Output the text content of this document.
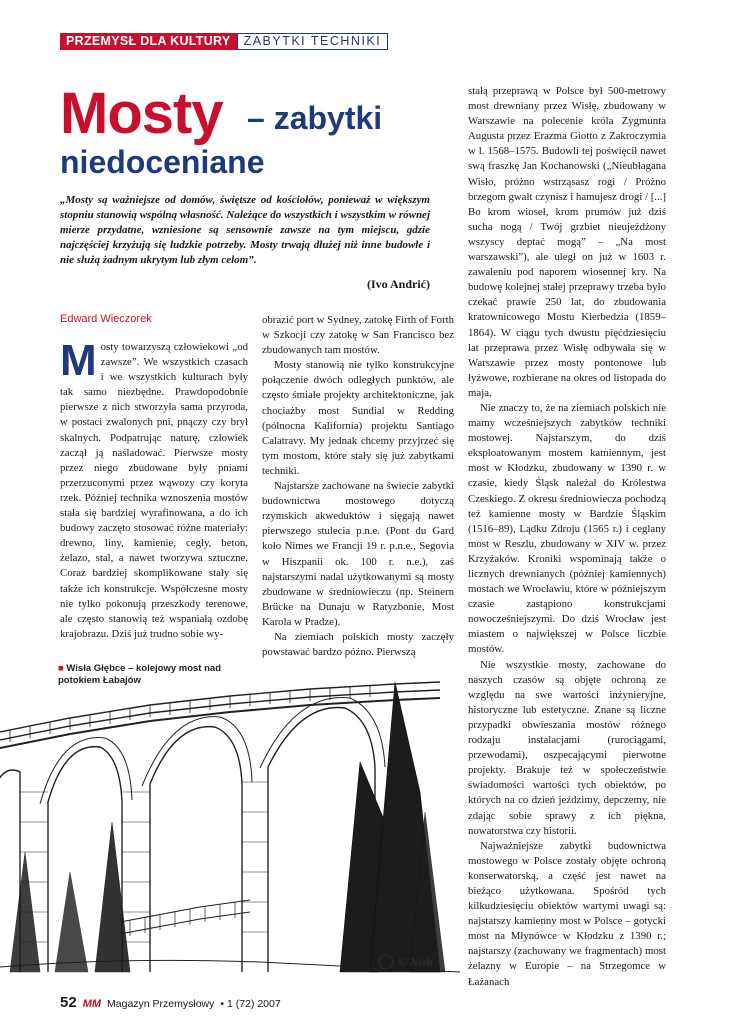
PRZEMYSŁ DLA KULTURY	ZABYTKI TECHNIKI
Mosty – zabytki
niedoceniane
„Mosty są ważniejsze od domów, świętsze od kościołów, ponieważ w większym stopniu stanowią wspólną własność. Należące do wszystkich i wszystkim w równej mierze przydatne, wzniesione są sensownie zawsze na tym miejscu, gdzie najczęściej krzyżują się ludzkie potrzeby. Mosty trwają dłużej niż inne budowle i nie służą żadnym ukrytym lub złym celom”.
(Ivo Andrić)
Edward Wieczorek
M osty towarzyszą człowiekowi „od zawsze”. We wszystkich czasach i we wszystkich kulturach były tak samo niezbędne. Prawdopodobnie pierwsze z nich stworzyła sama przyroda, w postaci zwalonych pni, pnączy czy brył skalnych. Podpatrując naturę, człowiek zaczął ją naśladować. Pierwsze mosty przez niego zbudowane były pniami przerzuconymi przez wąwozy czy koryta rzek. Później technika wznoszenia mostów stała się bardziej wyrafinowana, a do ich budowy zaczęto stosować różne materiały: drewno, liny, kamienie, cegły, beton, żelazo, stal, a nawet tworzywa sztuczne. Coraz bardziej skomplikowane stały się także ich konstrukcje. Współczesne mosty nie tylko pokonują przeszkody terenowe, ale często stanowią też wspaniałą ozdobę krajobrazu. Dziś już trudno sobie wy-

obrazić port w Sydney, zatokę Firth of Forth w Szkocji czy zatokę w San Francisco bez zbudowanych tam mostów.

Mosty stanowią nie tylko konstrukcyjne połączenie dwóch odległych punktów, ale często śmiałe projekty architektoniczne, jak chociażby most Sundial w Redding (północna Kalifornia) projektu Santiago Calatravy. My jednak chcemy przyjrzeć się tym mostom, które stały się już zabytkami techniki.

Najstarsze zachowane na świecie zabytki budownictwa mostowego dotyczą rzymskich akweduktów i sięgają nawet pierwszego stulecia p.n.e. (Pont du Gard koło Nimes we Francji 19 r. p.n.e., Segovia w Hiszpanii ok. 100 r. n.e.), zaś najstarszymi nadal użytkowanymi są mosty zbudowane w średniowieczu (np. Steinern Brücke na Dunaju w Ratyzbonie, Most Karola w Pradze).

Na ziemiach polskich mosty zaczęły powstawać bardzo późno. Pierwszą

stałą przeprawą w Polsce był 500-metrowy most drewniany przez Wisłę, zbudowany w Warszawie na polecenie króla Zygmunta Augusta przez Erazma Giotto z Zakroczymia w l. 1568–1575. Budowli tej poświęcił nawet swą fraszkę Jan Kochanowski („Nieubłagana Wisło, próżno wstrząsasz rogi / Próżno brzegom gwałt czynisz i hamujesz drogi / [...] Bo krom wioseł, krom prumów już dziś sucha nogą / Twój grzbiet nieujeżdżony wszyscy deptać mogą” – „Na most warszawski”), ale uległ on już w 1603 r. zawaleniu pod naporem wiosennej kry. Na budowę kolejnej stałej przeprawy trzeba było czekać prawie 250 lat, do zbudowania kratownicowego Mostu Kierbedzia (1859–1864). W ciągu tych dwustu pięćdziesięciu lat przeprawa przez Wisłę odbywała się w Warszawie przez mosty pontonowe lub łyżwowe, rozbierane na okres od listopada do maja.

Nie znaczy to, że na ziemiach polskich nie mamy wcześniejszych zabytków techniki mostowej. Najstarszym, do dziś eksploatowanym mostem kamiennym, jest most w Kłodzku, zbudowany w 1390 r. w czasie, kiedy Śląsk należał do Królestwa Czeskiego. Z okresu średniowiecza pochodzą też kamienne mosty w Bardzie Śląskim (1516–89), Lądku Zdroju (1565 r.) i ceglany most w Reszlu, zbudowany w XIV w. przez Krzyżaków. Kroniki wspominają także o licznych drewnianych (później kamiennych) mostach we Wrocławiu, które w późniejszym czasie zastąpiono konstrukcjami nowocześniejszymi. Do dziś Wrocław jest miastem o największej w Polsce liczbie mostów.

Nie wszystkie mosty, zachowane do naszych czasów są objęte ochroną ze względu na swe wartości inżynieryjne, historyczne lub estetyczne. Znane są liczne przypadki obwieszania mostów różnego rodzaju instalacjami (rurociągami, przewodami), oszpecającymi pierwotne projekty. Brakuje też w społeczeństwie świadomości wartości tych obiektów, po których na co dzień jeździmy, depczemy, nie zdając sobie sprawy z ich piękna, nowatorstwa czy historii.

Najważniejsze zabytki budownictwa mostowego w Polsce zostały objęte ochroną konserwatorską, a część jest nawet na bieżąco użytkowana. Spośród tych kilkudziesięciu obiektów wartymi uwagi są: najstarszy kamienny most w Polsce – gotycki most na Młynówce w Kłodzku z 1390 r.; najstarszy (zachowany we fragmentach) most żelazny w Europie – na Strzegomce w Łażanach

■ Wisła Głębce – kolejowy most nad potokiem Łabajów
© Nieb
52 MM Magazyn Przemysłowy • 1 (72) 2007
